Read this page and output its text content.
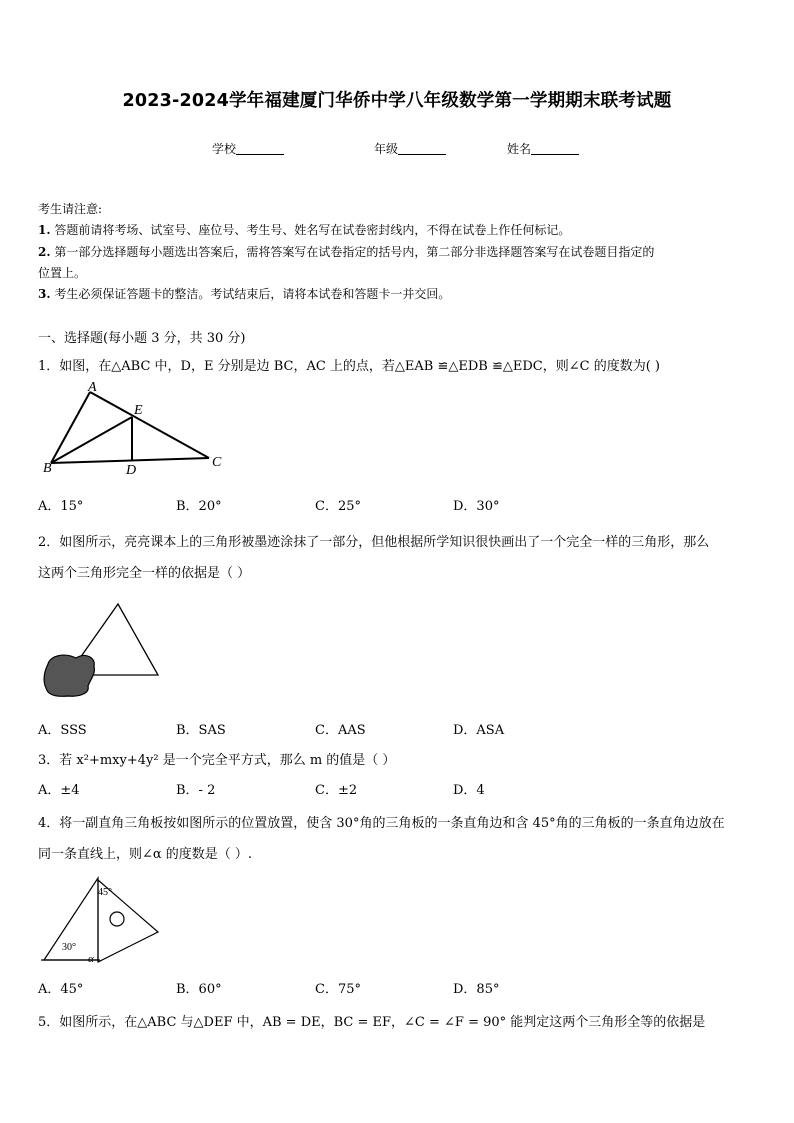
2023-2024学年福建厦门华侨中学八年级数学第一学期期末联考试题
学校	年级	姓名
考生请注意:
1. 答题前请将考场、试室号、座位号、考生号、姓名写在试卷密封线内，不得在试卷上作任何标记。
2. 第一部分选择题每小题选出答案后，需将答案写在试卷指定的括号内，第二部分非选择题答案写在试卷题目指定的
位置上。
3. 考生必须保证答题卡的整洁。考试结束后，请将本试卷和答题卡一并交回。
一、选择题(每小题 3 分，共 30 分)
1．如图，在△ABC 中，D，E 分别是边 BC，AC 上的点，若△EAB ≌△EDB ≌△EDC，则∠C 的度数为( )
A
E
B	D
C
A．15°	B．20°	C．25°	D．30°
2．如图所示，亮亮课本上的三角形被墨迹涂抹了一部分，但他根据所学知识很快画出了一个完全一样的三角形，那么
这两个三角形完全一样的依据是（ ）
A．SSS	B．SAS	C．AAS	D．ASA
3．若 x²+mxy+4y² 是一个完全平方式，那么 m 的值是（ ）
A．±4	B．- 2	C．±2	D．4
4．将一副直角三角板按如图所示的位置放置，使含 30°角的三角板的一条直角边和含 45°角的三角板的一条直角边放在
同一条直线上，则∠α 的度数是（ ）.
45°
30°
α
A．45°	B．60°	C．75°	D．85°
5．如图所示，在△ABC 与△DEF 中，AB = DE，BC = EF，∠C = ∠F = 90° 能判定这两个三角形全等的依据是
